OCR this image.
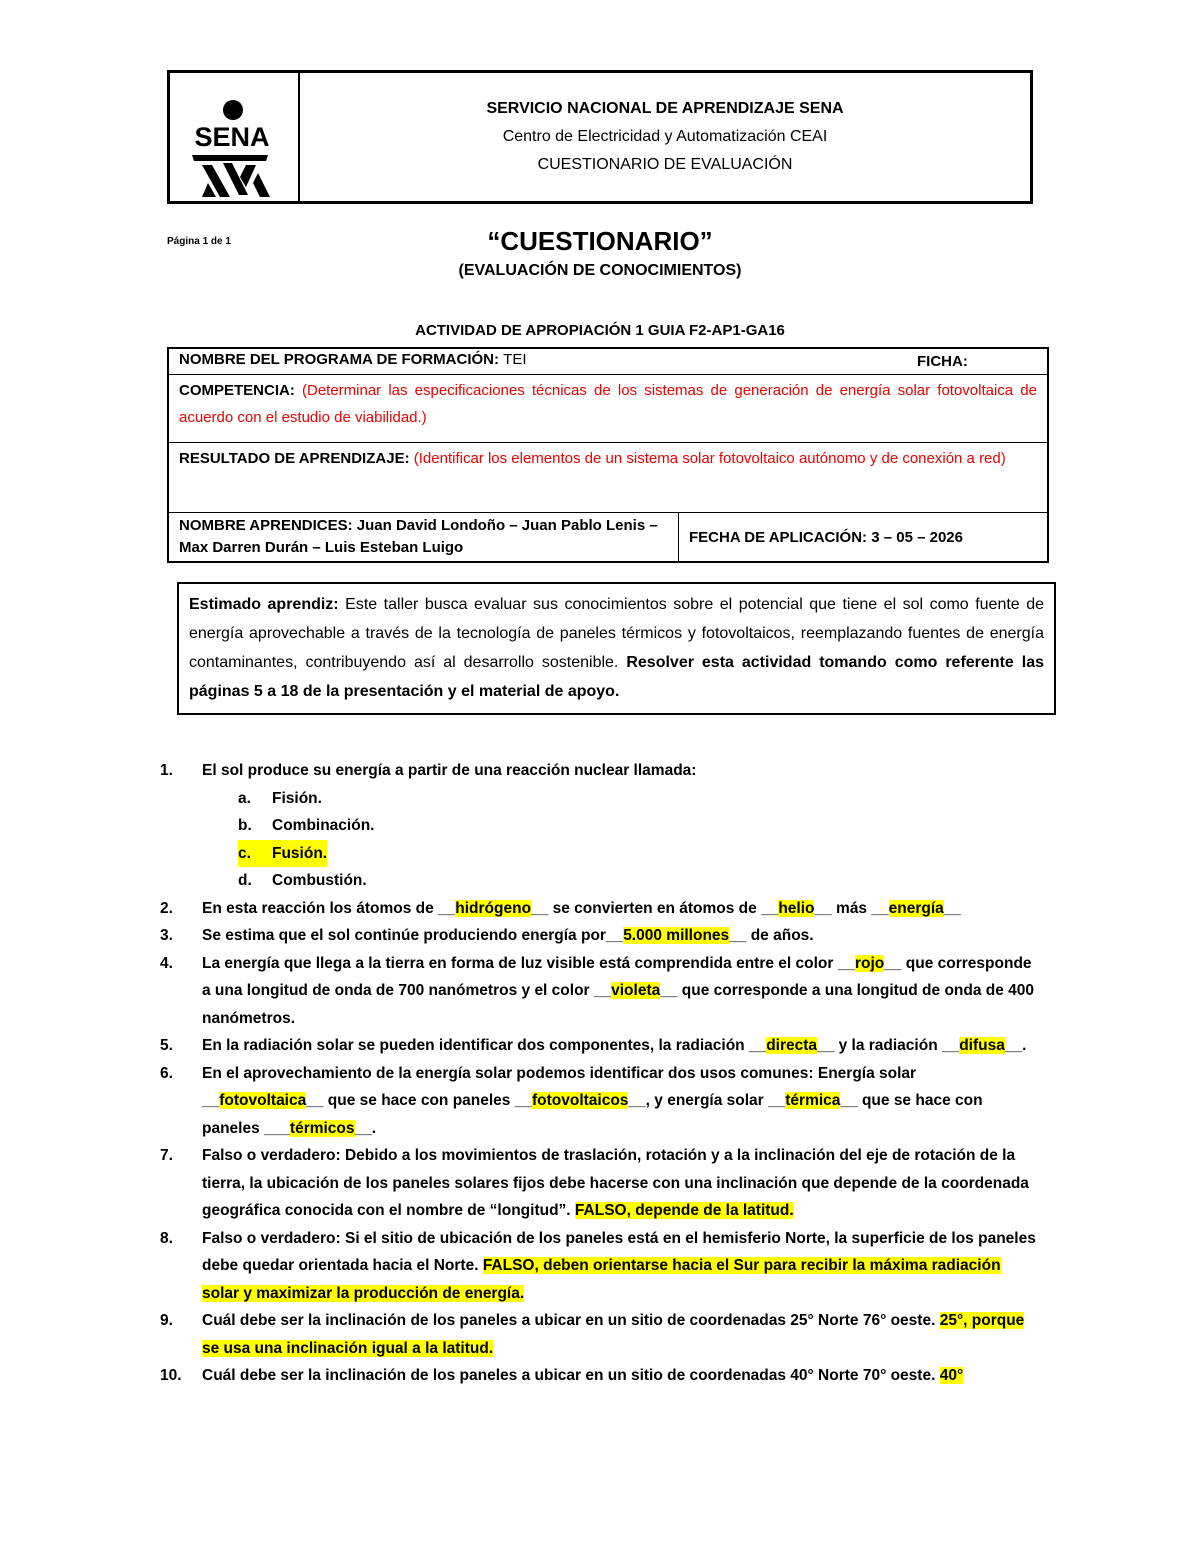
SENA
SERVICIO NACIONAL DE APRENDIZAJE SENA
Centro de Electricidad y Automatización CEAI
CUESTIONARIO DE EVALUACIÓN
Página 1 de 1	“CUESTIONARIO”
(EVALUACIÓN DE CONOCIMIENTOS)
ACTIVIDAD DE APROPIACIÓN 1 GUIA F2-AP1-GA16
NOMBRE DEL PROGRAMA DE FORMACIÓN: TEI	FICHA:
COMPETENCIA: (Determinar las especificaciones técnicas de los sistemas de generación de energía solar fotovoltaica de acuerdo con el estudio de viabilidad.)
RESULTADO DE APRENDIZAJE: (Identificar los elementos de un sistema solar fotovoltaico autónomo y de conexión a red)
NOMBRE APRENDICES: Juan David Londoño – Juan Pablo Lenis – Max Darren Durán – Luis Esteban Luigo
FECHA DE APLICACIÓN: 3 – 05 – 2026
Estimado aprendiz: Este taller busca evaluar sus conocimientos sobre el potencial que tiene el sol como fuente de energía aprovechable a través de la tecnología de paneles térmicos y fotovoltaicos, reemplazando fuentes de energía contaminantes, contribuyendo así al desarrollo sostenible. Resolver esta actividad tomando como referente las páginas 5 a 18 de la presentación y el material de apoyo.
1.	El sol produce su energía a partir de una reacción nuclear llamada:
a.	Fisión.
b.	Combinación.
c.	Fusión.
d.	Combustión.
2.	En esta reacción los átomos de __hidrógeno__ se convierten en átomos de __helio__ más __energía__
3.	Se estima que el sol continúe produciendo energía por__5.000 millones__ de años.
4.	La energía que llega a la tierra en forma de luz visible está comprendida entre el color __rojo__ que corresponde a una longitud de onda de 700 nanómetros y el color __violeta__ que corresponde a una longitud de onda de 400 nanómetros.
5.	En la radiación solar se pueden identificar dos componentes, la radiación __directa__ y la radiación __difusa__.
6.	En el aprovechamiento de la energía solar podemos identificar dos usos comunes: Energía solar __fotovoltaica__ que se hace con paneles __fotovoltaicos__, y energía solar __térmica__ que se hace con paneles ___térmicos__.
7.	Falso o verdadero: Debido a los movimientos de traslación, rotación y a la inclinación del eje de rotación de la tierra, la ubicación de los paneles solares fijos debe hacerse con una inclinación que depende de la coordenada geográfica conocida con el nombre de “longitud”. FALSO, depende de la latitud.
8.	Falso o verdadero: Si el sitio de ubicación de los paneles está en el hemisferio Norte, la superficie de los paneles debe quedar orientada hacia el Norte. FALSO, deben orientarse hacia el Sur para recibir la máxima radiación solar y maximizar la producción de energía.
9.	Cuál debe ser la inclinación de los paneles a ubicar en un sitio de coordenadas 25° Norte 76° oeste. 25°, porque se usa una inclinación igual a la latitud.
10.	Cuál debe ser la inclinación de los paneles a ubicar en un sitio de coordenadas 40° Norte 70° oeste. 40°
